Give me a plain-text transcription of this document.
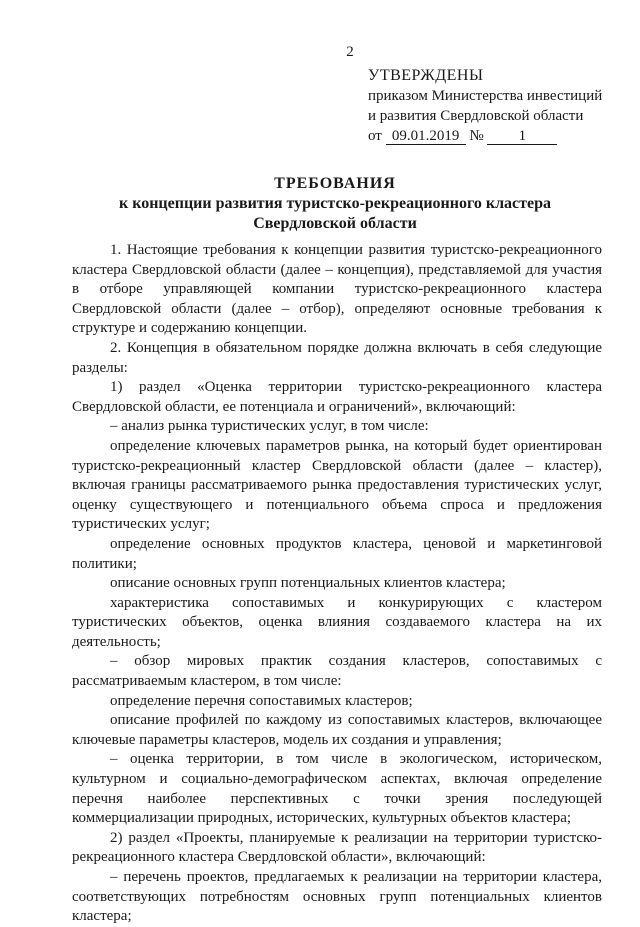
2
УТВЕРЖДЕНЫ
приказом Министерства инвестиций
и развития Свердловской области
от 09.01.2019 № 1
ТРЕБОВАНИЯ
к концепции развития туристско-рекреационного кластера
Свердловской области

1. Настоящие требования к концепции развития туристско-рекреационного кластера Свердловской области (далее – концепция), представляемой для участия в отборе управляющей компании туристско-рекреационного кластера Свердловской области (далее – отбор), определяют основные требования к структуре и содержанию концепции.

2. Концепция в обязательном порядке должна включать в себя следующие разделы:

1) раздел «Оценка территории туристско-рекреационного кластера Свердловской области, ее потенциала и ограничений», включающий:

– анализ рынка туристических услуг, в том числе:

определение ключевых параметров рынка, на который будет ориентирован туристско-рекреационный кластер Свердловской области (далее – кластер), включая границы рассматриваемого рынка предоставления туристических услуг, оценку существующего и потенциального объема спроса и предложения туристических услуг;

определение основных продуктов кластера, ценовой и маркетинговой политики;

описание основных групп потенциальных клиентов кластера;

характеристика сопоставимых и конкурирующих с кластером туристических объектов, оценка влияния создаваемого кластера на их деятельность;

– обзор мировых практик создания кластеров, сопоставимых с рассматриваемым кластером, в том числе:

определение перечня сопоставимых кластеров;

описание профилей по каждому из сопоставимых кластеров, включающее ключевые параметры кластеров, модель их создания и управления;

– оценка территории, в том числе в экологическом, историческом, культурном и социально-демографическом аспектах, включая определение перечня наиболее перспективных с точки зрения последующей коммерциализации природных, исторических, культурных объектов кластера;

2) раздел «Проекты, планируемые к реализации на территории туристско-рекреационного кластера Свердловской области», включающий:

– перечень проектов, предлагаемых к реализации на территории кластера, соответствующих потребностям основных групп потенциальных клиентов кластера;
